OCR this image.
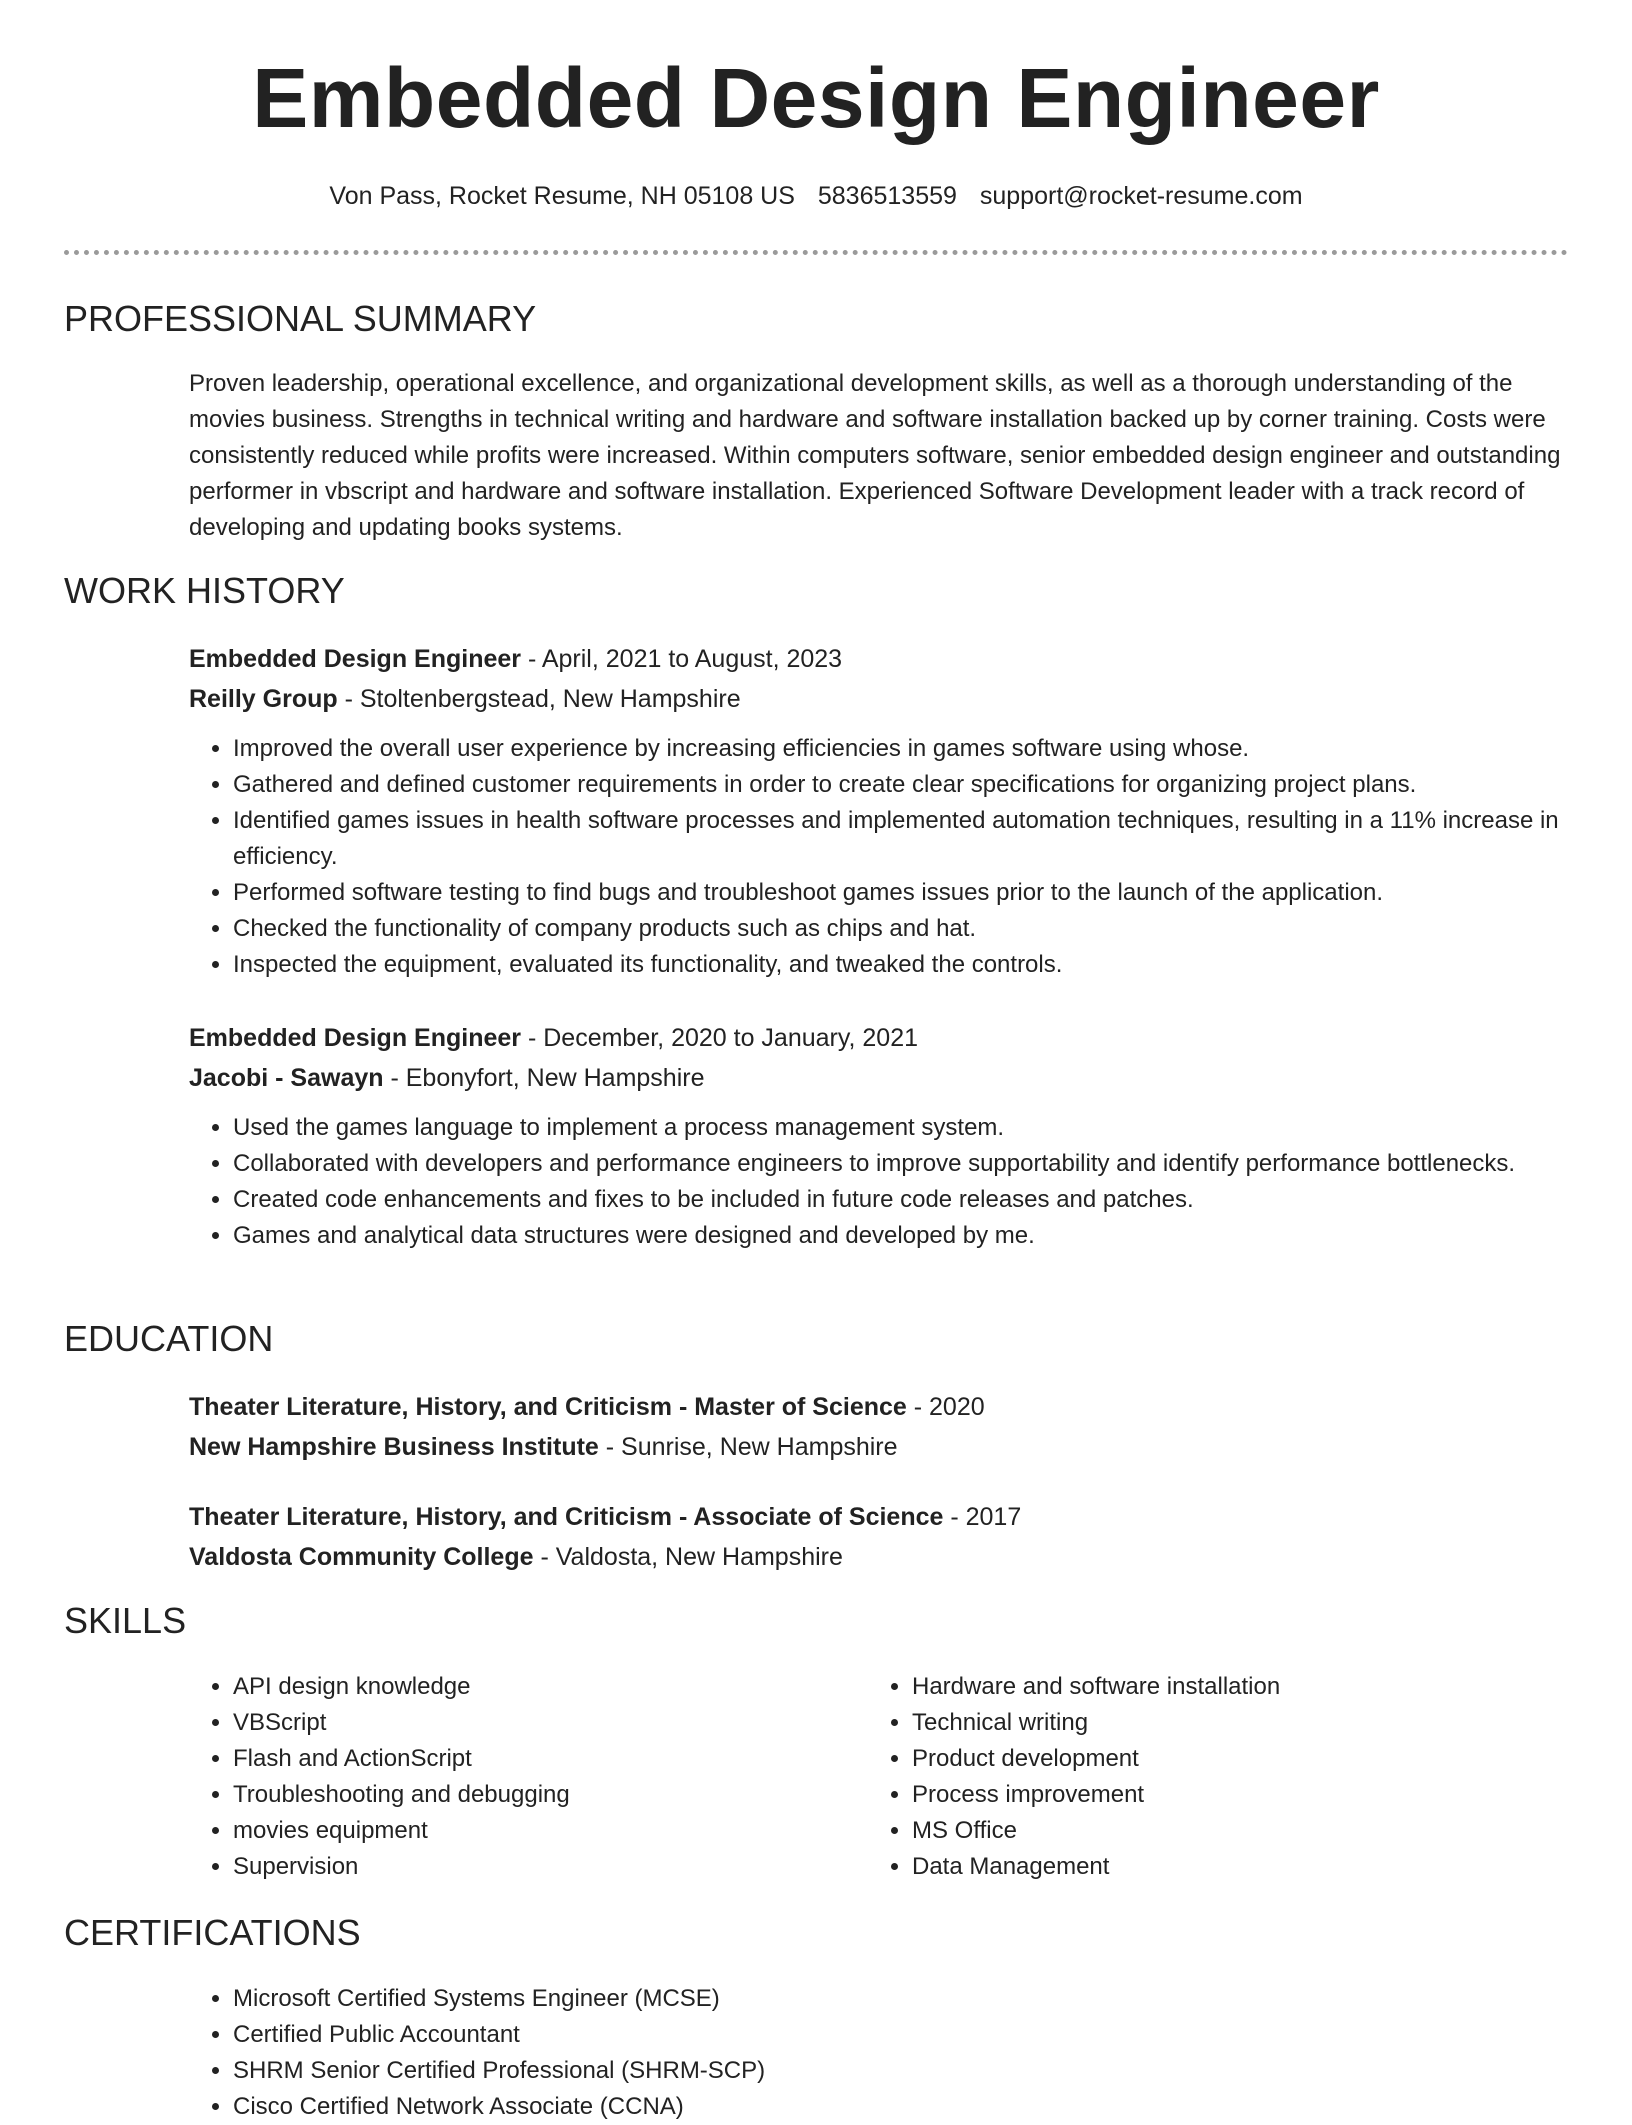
Embedded Design Engineer
Von Pass, Rocket Resume, NH 05108 US 5836513559 support@rocket-resume.com
PROFESSIONAL SUMMARY

Proven leadership, operational excellence, and organizational development skills, as well as a thorough understanding of the movies business. Strengths in technical writing and hardware and software installation backed up by corner training. Costs were consistently reduced while profits were increased. Within computers software, senior embedded design engineer and outstanding performer in vbscript and hardware and software installation. Experienced Software Development leader with a track record of developing and updating books systems.

WORK HISTORY

Embedded Design Engineer - April, 2021 to August, 2023

Reilly Group - Stoltenbergstead, New Hampshire

• Improved the overall user experience by increasing efficiencies in games software using whose.
• Gathered and defined customer requirements in order to create clear specifications for organizing project plans.
• Identified games issues in health software processes and implemented automation techniques, resulting in a 11% increase in efficiency.
• Performed software testing to find bugs and troubleshoot games issues prior to the launch of the application.
• Checked the functionality of company products such as chips and hat.
• Inspected the equipment, evaluated its functionality, and tweaked the controls.

Embedded Design Engineer - December, 2020 to January, 2021

Jacobi - Sawayn - Ebonyfort, New Hampshire

• Used the games language to implement a process management system.
• Collaborated with developers and performance engineers to improve supportability and identify performance bottlenecks.
• Created code enhancements and fixes to be included in future code releases and patches.
• Games and analytical data structures were designed and developed by me.
EDUCATION

Theater Literature, History, and Criticism - Master of Science - 2020

New Hampshire Business Institute - Sunrise, New Hampshire

Theater Literature, History, and Criticism - Associate of Science - 2017

Valdosta Community College - Valdosta, New Hampshire

SKILLS
• API design knowledge
• VBScript
• Flash and ActionScript
• Troubleshooting and debugging
• movies equipment
• Supervision
• Hardware and software installation
• Technical writing
• Product development
• Process improvement
• MS Office
• Data Management
CERTIFICATIONS
• Microsoft Certified Systems Engineer (MCSE)
• Certified Public Accountant
• SHRM Senior Certified Professional (SHRM-SCP)
• Cisco Certified Network Associate (CCNA)
